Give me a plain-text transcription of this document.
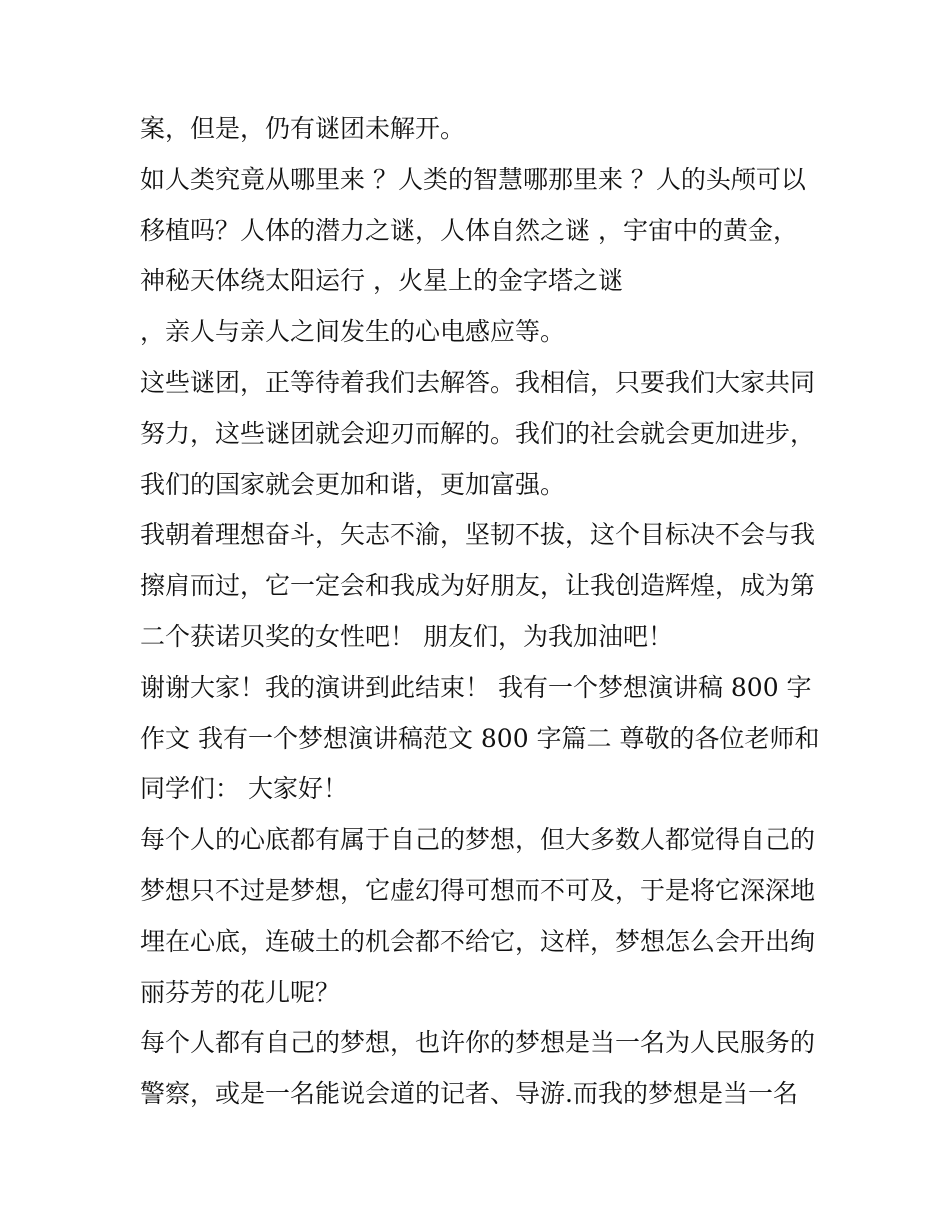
案，但是，仍有谜团未解开。
如人类究竟从哪里来 ？人类的智慧哪那里来 ？人的头颅可以
移植吗？人体的潜力之谜，人体自然之谜 ，宇宙中的黄金，
神秘天体绕太阳运行 ，火星上的金字塔之谜
，亲人与亲人之间发生的心电感应等。
这些谜团，正等待着我们去解答。我相信，只要我们大家共同
努力，这些谜团就会迎刃而解的。我们的社会就会更加进步，
我们的国家就会更加和谐，更加富强。
我朝着理想奋斗，矢志不渝，坚韧不拔，这个目标决不会与我
擦肩而过，它一定会和我成为好朋友，让我创造辉煌，成为第
二个获诺贝奖的女性吧！ 朋友们，为我加油吧！
谢谢大家！我的演讲到此结束！ 我有一个梦想演讲稿 800 字
作文 我有一个梦想演讲稿范文 800 字篇二 尊敬的各位老师和
同学们： 大家好！
每个人的心底都有属于自己的梦想，但大多数人都觉得自己的
梦想只不过是梦想，它虚幻得可想而不可及，于是将它深深地
埋在心底，连破土的机会都不给它，这样，梦想怎么会开出绚
丽芬芳的花儿呢？
每个人都有自己的梦想，也许你的梦想是当一名为人民服务的
警察，或是一名能说会道的记者、导游.而我的梦想是当一名
